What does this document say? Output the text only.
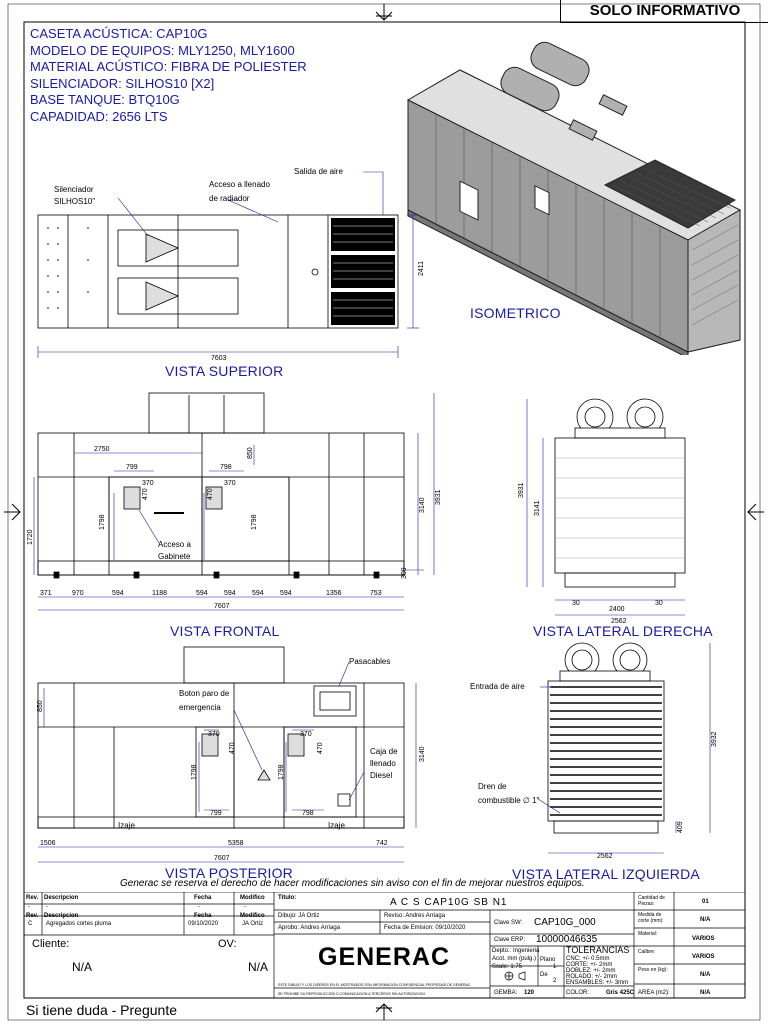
SOLO INFORMATIVO
CASETA ACÚSTICA: CAP10G
MODELO DE EQUIPOS: MLY1250, MLY1600
MATERIAL ACÚSTICO: FIBRA DE POLIESTER
SILENCIADOR: SILHOS10 [X2]
BASE TANQUE: BTQ10G
CAPADIDAD: 2656 LTS
ISOMETRICO
Silenciador
SILHOS10"
Acceso a llenado
de radiador
Salida de aire
7603
2411
VISTA SUPERIOR
2750
799	798
850
370	370
470	470
1798	1798
1720
3140
3931
309
Acceso a
Gabinete
371	970	594	1188	594 594 594 594	1356	753
7607
VISTA FRONTAL
3931
3141
30
2400
30
2562
VISTA LATERAL DERECHA
Pasacables
Boton paro de
emergencia
850
370	370
470	470
1798	1798
799	798
Caja de
llenado
Diesel
Izaje	Izaje
3140
1506	5358	742
7607
VISTA POSTERIOR
Entrada de aire
Dren de
combustible ∅ 1"
3932
409
2562
VISTA LATERAL IZQUIERDA
Generac se reserva el derecho de hacer modificaciones sin aviso con el fin de mejorar nuestros equipos.
Rev. Descripcion	Fecha	Modifico
-	-	-	-
Rev. Descripcion	Fecha	Modifico
C Agregados cortes pluma	09/10/2020	JA Ortiz
Cliente:	OV:
N/A	N/A
Titulo:	A C S CAP10G SB N1
Dibujo: JA Ortiz	Reviso: Andres Arriaga
Aprobo: Andres Arriaga	Fecha de Emision: 09/10/2020
GENERAC
ESTE DIBUJO Y LOS DISEÑOS EN EL MOSTRADOS SON INFORMACION CONFIDENCIAL PROPIEDAD DE GENERAC.
SE PROHIBE SU REPRODUCCION O COMUNICACION A TERCEROS SIN AUTORIZACION.
Clave SW: CAP10G_000
Clave ERP: 10000046635
Depto.: Ingenieria
Acot. mm (pulg.)
Scale: 1:75
Plano
1
De
2
TOLERANCIAS
CNC: +/- 0.5mm
CORTE: +/- 2mm
DOBLEZ: +/- 2mm
ROLADO: +/- 2mm
ENSAMBLES: +/- 3mm
GEMBA: 120	COLOR:	Gris 425C
Cantidad de Piezas:	01
Medida de corte (mm):	N/A
Material:
VARIOS
Calibre:
VARIOS
Peso en (kg):
N/A
AREA (m2):	N/A
Si tiene duda - Pregunte
